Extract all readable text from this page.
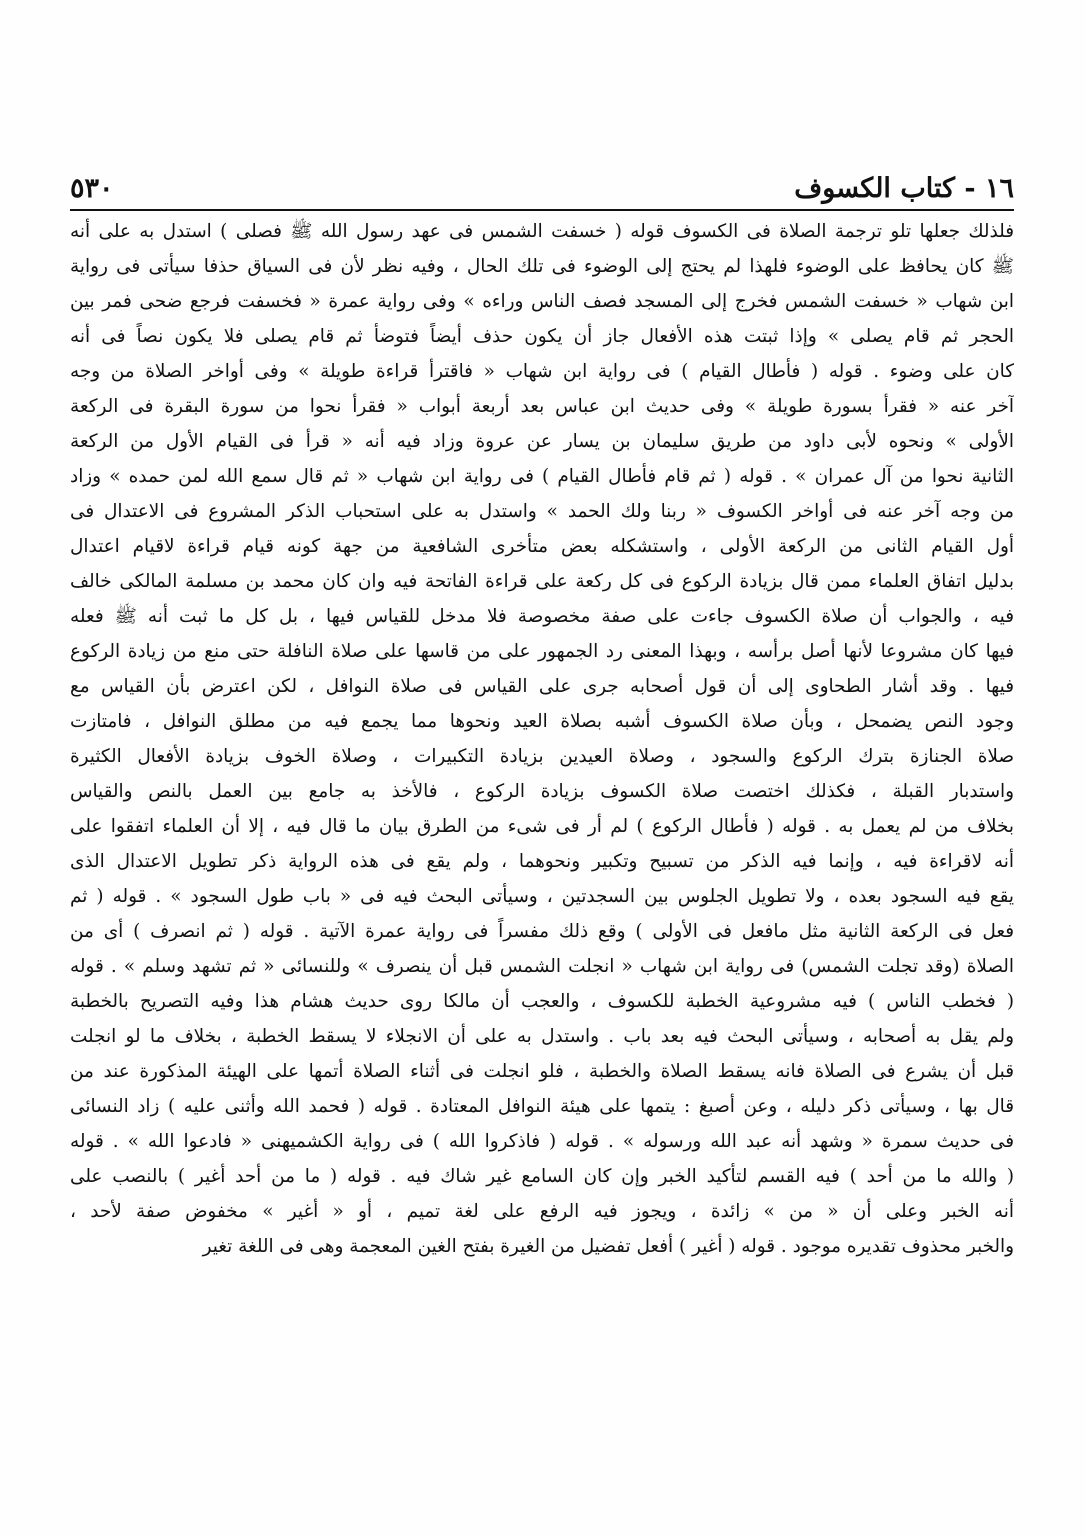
١٦ - كتاب الكسوف
٥٣٠
فلذلك جعلها تلو ترجمة الصلاة فى الكسوف قوله ( خسفت الشمس فى عهد رسول الله ﷺ فصلى ) استدل به على أنه
ﷺ كان يحافظ على الوضوء فلهذا لم يحتج إلى الوضوء فى تلك الحال ، وفيه نظر لأن فى السياق حذفا سيأتى فى رواية
ابن شهاب « خسفت الشمس فخرج إلى المسجد فصف الناس وراءه » وفى رواية عمرة « فخسفت فرجع ضحى فمر بين
الحجر ثم قام يصلى » وإذا ثبتت هذه الأفعال جاز أن يكون حذف أيضاً فتوضأ ثم قام يصلى فلا يكون نصاً فى أنه
كان على وضوء . قوله ( فأطال القيام ) فى رواية ابن شهاب « فاقترأ قراءة طويلة » وفى أواخر الصلاة من وجه
آخر عنه « فقرأ بسورة طويلة » وفى حديث ابن عباس بعد أربعة أبواب « فقرأ نحوا من سورة البقرة فى الركعة
الأولى » ونحوه لأبى داود من طريق سليمان بن يسار عن عروة وزاد فيه أنه « قرأ فى القيام الأول من الركعة
الثانية نحوا من آل عمران » . قوله ( ثم قام فأطال القيام ) فى رواية ابن شهاب « ثم قال سمع الله لمن حمده » وزاد
من وجه آخر عنه فى أواخر الكسوف « ربنا ولك الحمد » واستدل به على استحباب الذكر المشروع فى الاعتدال فى
أول القيام الثانى من الركعة الأولى ، واستشكله بعض متأخرى الشافعية من جهة كونه قيام قراءة لاقيام اعتدال
بدليل اتفاق العلماء ممن قال بزيادة الركوع فى كل ركعة على قراءة الفاتحة فيه وان كان محمد بن مسلمة المالكى خالف
فيه ، والجواب أن صلاة الكسوف جاءت على صفة مخصوصة فلا مدخل للقياس فيها ، بل كل ما ثبت أنه ﷺ فعله
فيها كان مشروعا لأنها أصل برأسه ، وبهذا المعنى رد الجمهور على من قاسها على صلاة النافلة حتى منع من زيادة الركوع
فيها . وقد أشار الطحاوى إلى أن قول أصحابه جرى على القياس فى صلاة النوافل ، لكن اعترض بأن القياس مع
وجود النص يضمحل ، وبأن صلاة الكسوف أشبه بصلاة العيد ونحوها مما يجمع فيه من مطلق النوافل ، فامتازت
صلاة الجنازة بترك الركوع والسجود ، وصلاة العيدين بزيادة التكبيرات ، وصلاة الخوف بزيادة الأفعال الكثيرة
واستدبار القبلة ، فكذلك اختصت صلاة الكسوف بزيادة الركوع ، فالأخذ به جامع بين العمل بالنص والقياس
بخلاف من لم يعمل به . قوله ( فأطال الركوع ) لم أر فى شىء من الطرق بيان ما قال فيه ، إلا أن العلماء اتفقوا على
أنه لاقراءة فيه ، وإنما فيه الذكر من تسبيح وتكبير ونحوهما ، ولم يقع فى هذه الرواية ذكر تطويل الاعتدال الذى
يقع فيه السجود بعده ، ولا تطويل الجلوس بين السجدتين ، وسيأتى البحث فيه فى « باب طول السجود » . قوله ( ثم
فعل فى الركعة الثانية مثل مافعل فى الأولى ) وقع ذلك مفسراً فى رواية عمرة الآتية . قوله ( ثم انصرف ) أى من
الصلاة (وقد تجلت الشمس) فى رواية ابن شهاب « انجلت الشمس قبل أن ينصرف » وللنسائى « ثم تشهد وسلم » . قوله
( فخطب الناس ) فيه مشروعية الخطبة للكسوف ، والعجب أن مالكا روى حديث هشام هذا وفيه التصريح بالخطبة
ولم يقل به أصحابه ، وسيأتى البحث فيه بعد باب . واستدل به على أن الانجلاء لا يسقط الخطبة ، بخلاف ما لو انجلت
قبل أن يشرع فى الصلاة فانه يسقط الصلاة والخطبة ، فلو انجلت فى أثناء الصلاة أتمها على الهيئة المذكورة عند من
قال بها ، وسيأتى ذكر دليله ، وعن أصبغ : يتمها على هيئة النوافل المعتادة . قوله ( فحمد الله وأثنى عليه ) زاد النسائى
فى حديث سمرة « وشهد أنه عبد الله ورسوله » . قوله ( فاذكروا الله ) فى رواية الكشميهنى « فادعوا الله » . قوله
( والله ما من أحد ) فيه القسم لتأكيد الخبر وإن كان السامع غير شاك فيه . قوله ( ما من أحد أغير ) بالنصب على
أنه الخبر وعلى أن « من » زائدة ، ويجوز فيه الرفع على لغة تميم ، أو « أغير » مخفوض صفة لأحد ،
والخبر محذوف تقديره موجود . قوله ( أغير ) أفعل تفضيل من الغيرة بفتح الغين المعجمة وهى فى اللغة تغير
